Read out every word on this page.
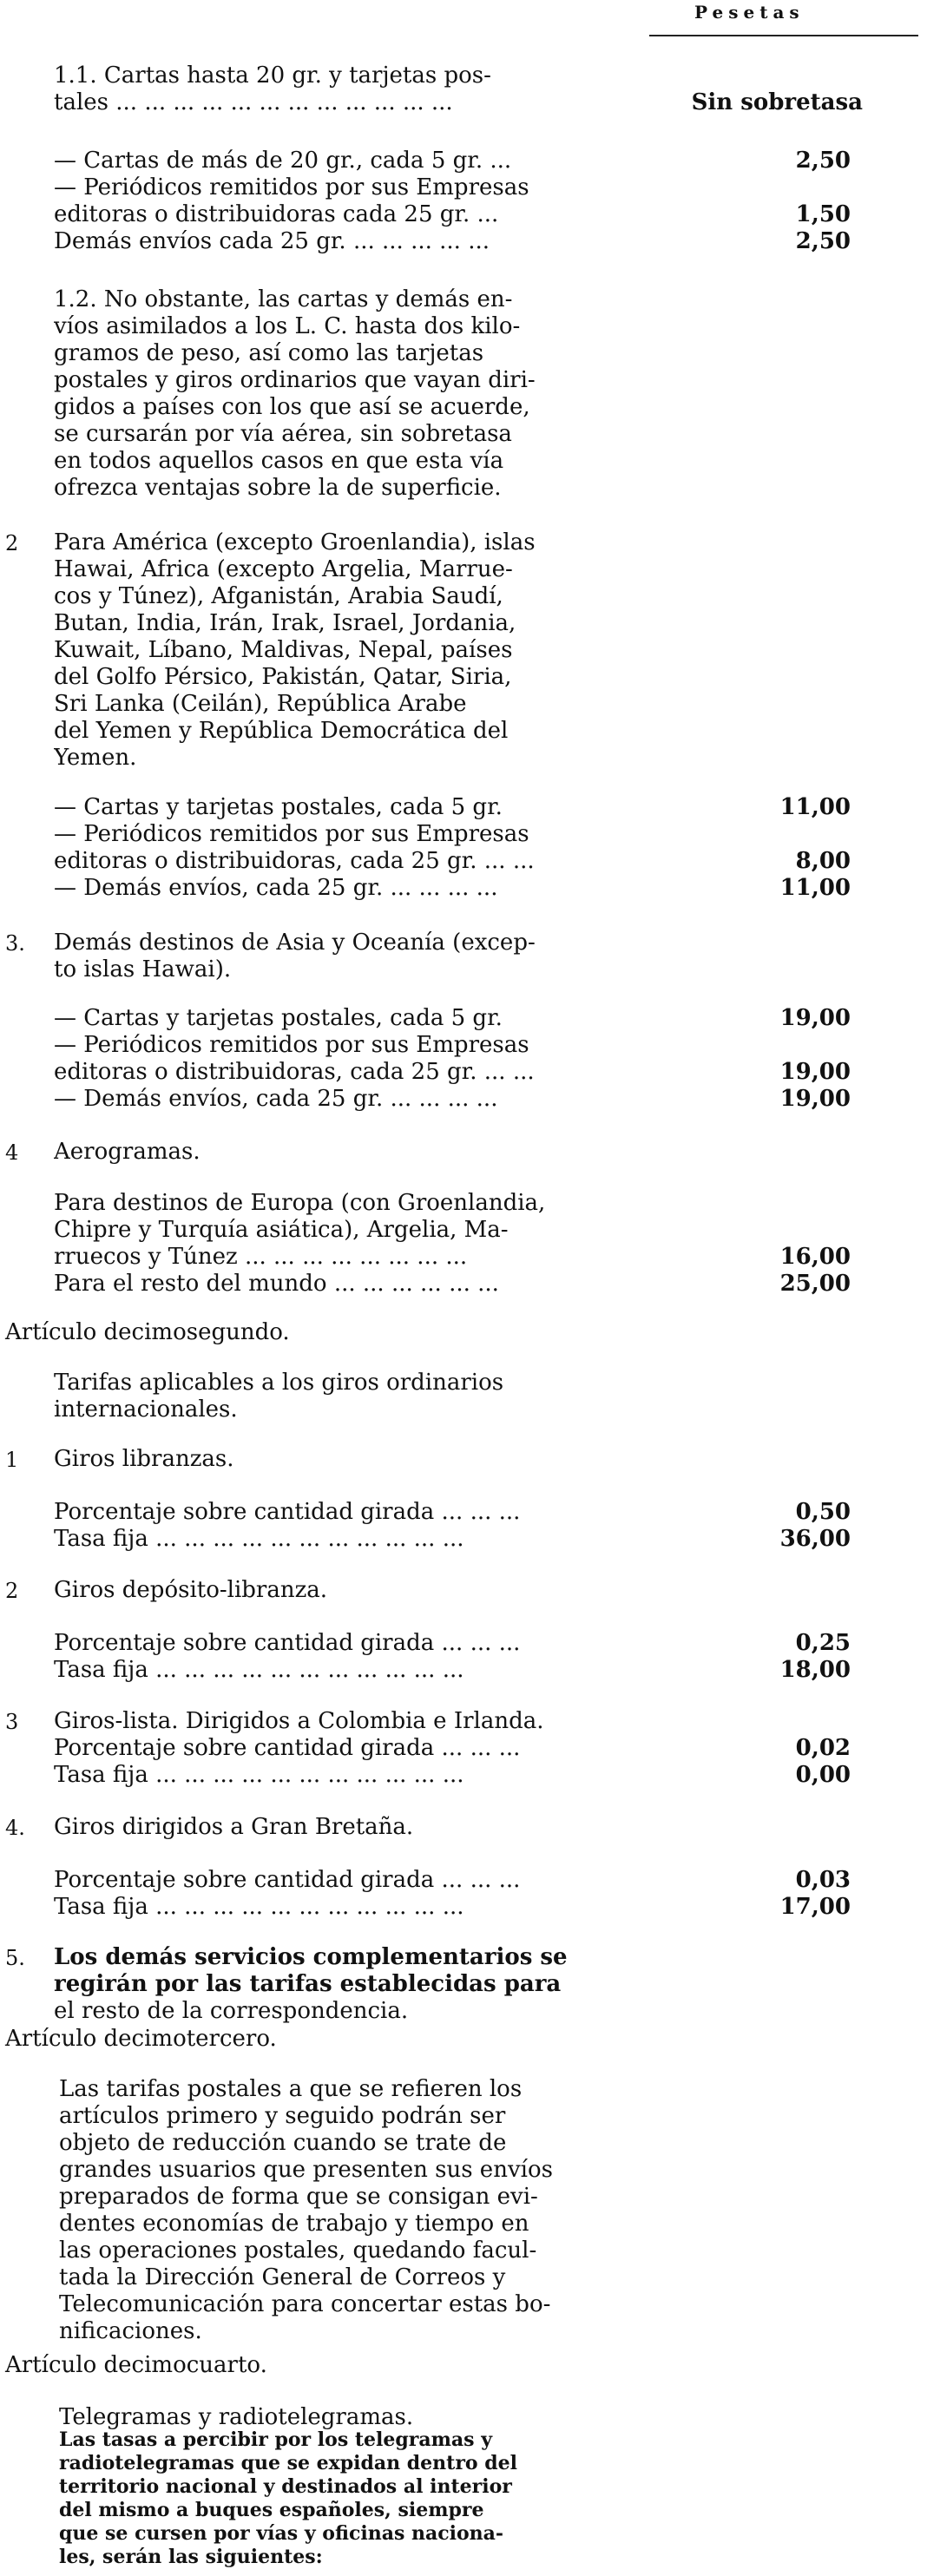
Pesetas
1.1. Cartas hasta 20 gr. y tarjetas pos-
tales ... ... ... ... ... ... ... ... ... ... ... ...	Sin sobretasa
— Cartas de más de 20 gr., cada 5 gr. ...	2,50
— Periódicos remitidos por sus Empresas
editoras o distribuidoras cada 25 gr. ...	1,50
Demás envíos cada 25 gr. ... ... ... ... ...	2,50
1.2. No obstante, las cartas y demás en-
víos asimilados a los L. C. hasta dos kilo-
gramos de peso, así como las tarjetas
postales y giros ordinarios que vayan diri-
gidos a países con los que así se acuerde,
se cursarán por vía aérea, sin sobretasa
en todos aquellos casos en que esta vía
ofrezca ventajas sobre la de superficie.
2 Para América (excepto Groenlandia), islas
Hawai, Africa (excepto Argelia, Marrue-
cos y Túnez), Afganistán, Arabia Saudí,
Butan, India, Irán, Irak, Israel, Jordania,
Kuwait, Líbano, Maldivas, Nepal, países
del Golfo Pérsico, Pakistán, Qatar, Siria,
Sri Lanka (Ceilán), República Arabe
del Yemen y República Democrática del
Yemen.
— Cartas y tarjetas postales, cada 5 gr.	11,00
— Periódicos remitidos por sus Empresas
editoras o distribuidoras, cada 25 gr. ... ...	8,00
— Demás envíos, cada 25 gr. ... ... ... ...	11,00
3. Demás destinos de Asia y Oceanía (excep-
to islas Hawai).
— Cartas y tarjetas postales, cada 5 gr.	19,00
— Periódicos remitidos por sus Empresas
editoras o distribuidoras, cada 25 gr. ... ...	19,00
— Demás envíos, cada 25 gr. ... ... ... ...	19,00
4 Aerogramas.
Para destinos de Europa (con Groenlandia,
Chipre y Turquía asiática), Argelia, Ma-
rruecos y Túnez ... ... ... ... ... ... ... ...	16,00
Para el resto del mundo ... ... ... ... ... ...	25,00
Artículo decimosegundo.
Tarifas aplicables a los giros ordinarios
internacionales.
1 Giros libranzas.
Porcentaje sobre cantidad girada ... ... ...	0,50
Tasa fija ... ... ... ... ... ... ... ... ... ... ...	36,00
2 Giros depósito-libranza.
Porcentaje sobre cantidad girada ... ... ...	0,25
Tasa fija ... ... ... ... ... ... ... ... ... ... ...	18,00
3 Giros-lista. Dirigidos a Colombia e Irlanda.
Porcentaje sobre cantidad girada ... ... ...	0,02
Tasa fija ... ... ... ... ... ... ... ... ... ... ...	0,00
4. Giros dirigidos a Gran Bretaña.
Porcentaje sobre cantidad girada ... ... ...	0,03
Tasa fija ... ... ... ... ... ... ... ... ... ... ...	17,00
5. Los demás servicios complementarios se
regirán por las tarifas establecidas para
el resto de la correspondencia.
Artículo decimotercero.
Las tarifas postales a que se refieren los
artículos primero y seguido podrán ser
objeto de reducción cuando se trate de
grandes usuarios que presenten sus envíos
preparados de forma que se consigan evi-
dentes economías de trabajo y tiempo en
las operaciones postales, quedando facul-
tada la Dirección General de Correos y
Telecomunicación para concertar estas bo-
nificaciones.
Artículo decimocuarto.
Telegramas y radiotelegramas.
Las tasas a percibir por los telegramas y
radiotelegramas que se expidan dentro del
territorio nacional y destinados al interior
del mismo a buques españoles, siempre
que se cursen por vías y oficinas naciona-
les, serán las siguientes:
